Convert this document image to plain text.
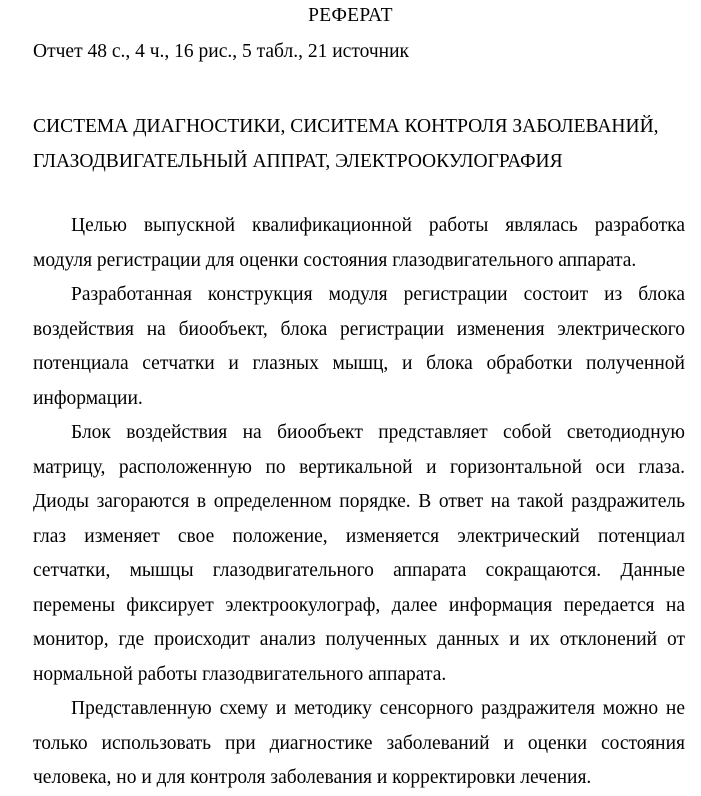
РЕФЕРАТ
Отчет 48 с., 4 ч., 16 рис., 5 табл., 21 источник
СИСТЕМА ДИАГНОСТИКИ, СИСИТЕМА КОНТРОЛЯ ЗАБОЛЕВАНИЙ,
ГЛАЗОДВИГАТЕЛЬНЫЙ АППРАТ, ЭЛЕКТРООКУЛОГРАФИЯ

Целью выпускной квалификационной работы являлась разработка модуля регистрации для оценки состояния глазодвигательного аппарата.

Разработанная конструкция модуля регистрации состоит из блока воздействия на биообъект, блока регистрации изменения электрического потенциала сетчатки и глазных мышц, и блока обработки полученной информации.

Блок воздействия на биообъект представляет собой светодиодную матрицу, расположенную по вертикальной и горизонтальной оси глаза. Диоды загораются в определенном порядке. В ответ на такой раздражитель глаз изменяет свое положение, изменяется электрический потенциал сетчатки, мышцы глазодвигательного аппарата сокращаются. Данные перемены фиксирует электроокулограф, далее информация передается на монитор, где происходит анализ полученных данных и их отклонений от нормальной работы глазодвигательного аппарата.

Представленную схему и методику сенсорного раздражителя можно не только использовать при диагностике заболеваний и оценки состояния человека, но и для контроля заболевания и корректировки лечения.
